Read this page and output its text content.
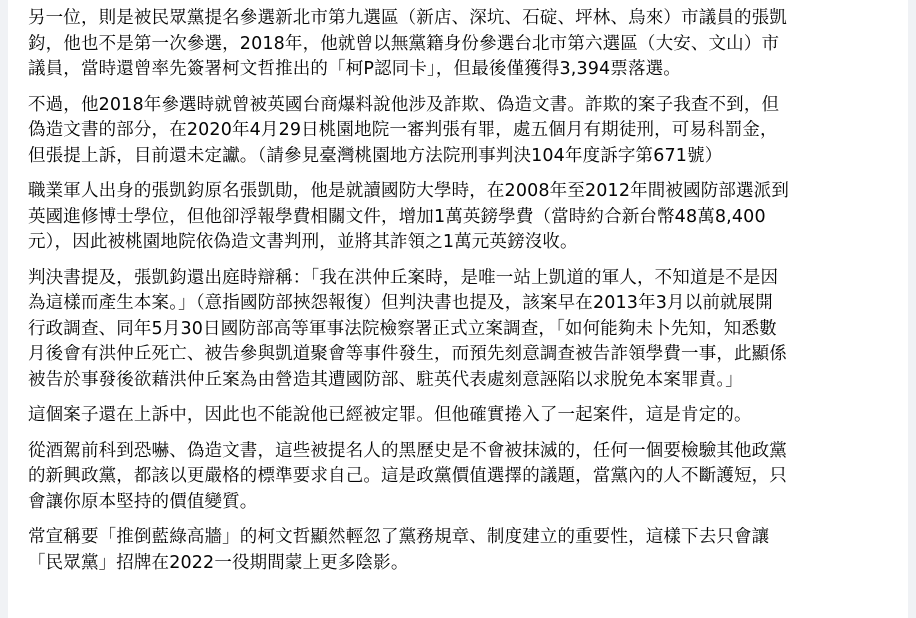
另一位，則是被民眾黨提名參選新北市第九選區（新店、深坑、石碇、坪林、烏來）市議員的張凱
鈞，他也不是第一次參選，2018年，他就曾以無黨籍身份參選台北市第六選區（大安、文山）市
議員，當時還曾率先簽署柯文哲推出的「柯P認同卡」，但最後僅獲得3,394票落選。

不過，他2018年參選時就曾被英國台商爆料說他涉及詐欺、偽造文書。詐欺的案子我查不到，但
偽造文書的部分，在2020年4月29日桃園地院一審判張有罪，處五個月有期徒刑，可易科罰金，
但張提上訴，目前還未定讞。（請參見臺灣桃園地方法院刑事判決104年度訴字第671號）

職業軍人出身的張凱鈞原名張凱勛，他是就讀國防大學時，在2008年至2012年間被國防部選派到
英國進修博士學位，但他卻浮報學費相關文件，增加1萬英鎊學費（當時約合新台幣48萬8,400
元），因此被桃園地院依偽造文書判刑，並將其詐領之1萬元英鎊沒收。

判決書提及，張凱鈞還出庭時辯稱：「我在洪仲丘案時，是唯一站上凱道的軍人，不知道是不是因
為這樣而產生本案。」（意指國防部挾怨報復）但判決書也提及，該案早在2013年3月以前就展開
行政調查、同年5月30日國防部高等軍事法院檢察署正式立案調查，「如何能夠未卜先知，知悉數
月後會有洪仲丘死亡、被告參與凱道聚會等事件發生，而預先刻意調查被告詐領學費一事，此顯係
被告於事發後欲藉洪仲丘案為由營造其遭國防部、駐英代表處刻意誣陷以求脫免本案罪責。」

這個案子還在上訴中，因此也不能說他已經被定罪。但他確實捲入了一起案件，這是肯定的。

從酒駕前科到恐嚇、偽造文書，這些被提名人的黑歷史是不會被抹滅的，任何一個要檢驗其他政黨
的新興政黨，都該以更嚴格的標準要求自己。這是政黨價值選擇的議題，當黨內的人不斷護短，只
會讓你原本堅持的價值變質。

常宣稱要「推倒藍綠高牆」的柯文哲顯然輕忽了黨務規章、制度建立的重要性，這樣下去只會讓
「民眾黨」招牌在2022一役期間蒙上更多陰影。
